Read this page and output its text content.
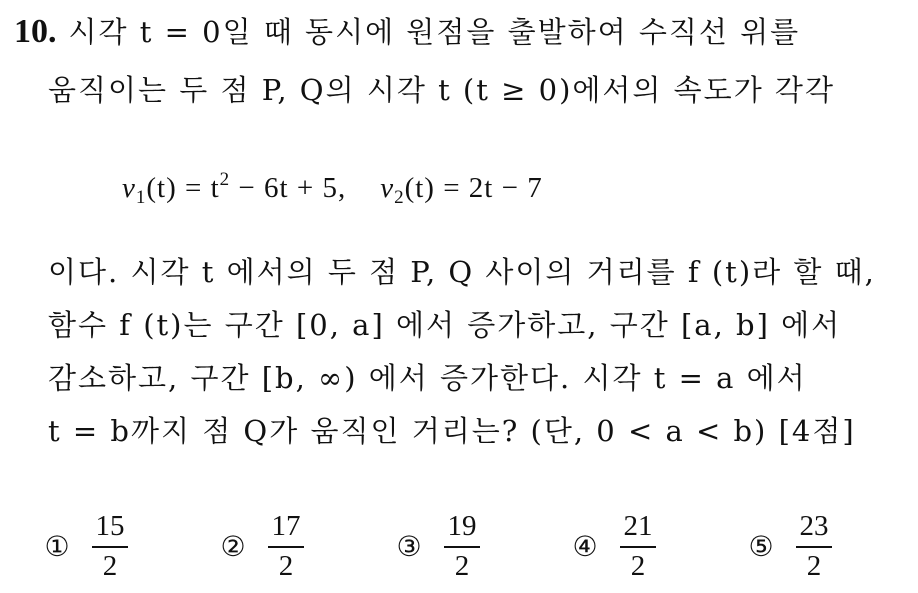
10. 시각 t = 0일 때 동시에 원점을 출발하여 수직선 위를
움직이는 두 점 P, Q의 시각 t (t ≥ 0)에서의 속도가 각각
$v_1(t) = t^2 - 6t + 5$, $v_2(t) = 2t - 7$
이다. 시각 t 에서의 두 점 P, Q 사이의 거리를 f (t)라 할 때,
함수 f (t)는 구간 [0, a] 에서 증가하고, 구간 [a, b] 에서
감소하고, 구간 [b, ∞) 에서 증가한다. 시각 t = a 에서
t = b까지 점 Q가 움직인 거리는? (단, 0 < a < b) [4점]
①
15
2
②
17
2
③
19
2
④
21
2
⑤
23
2
